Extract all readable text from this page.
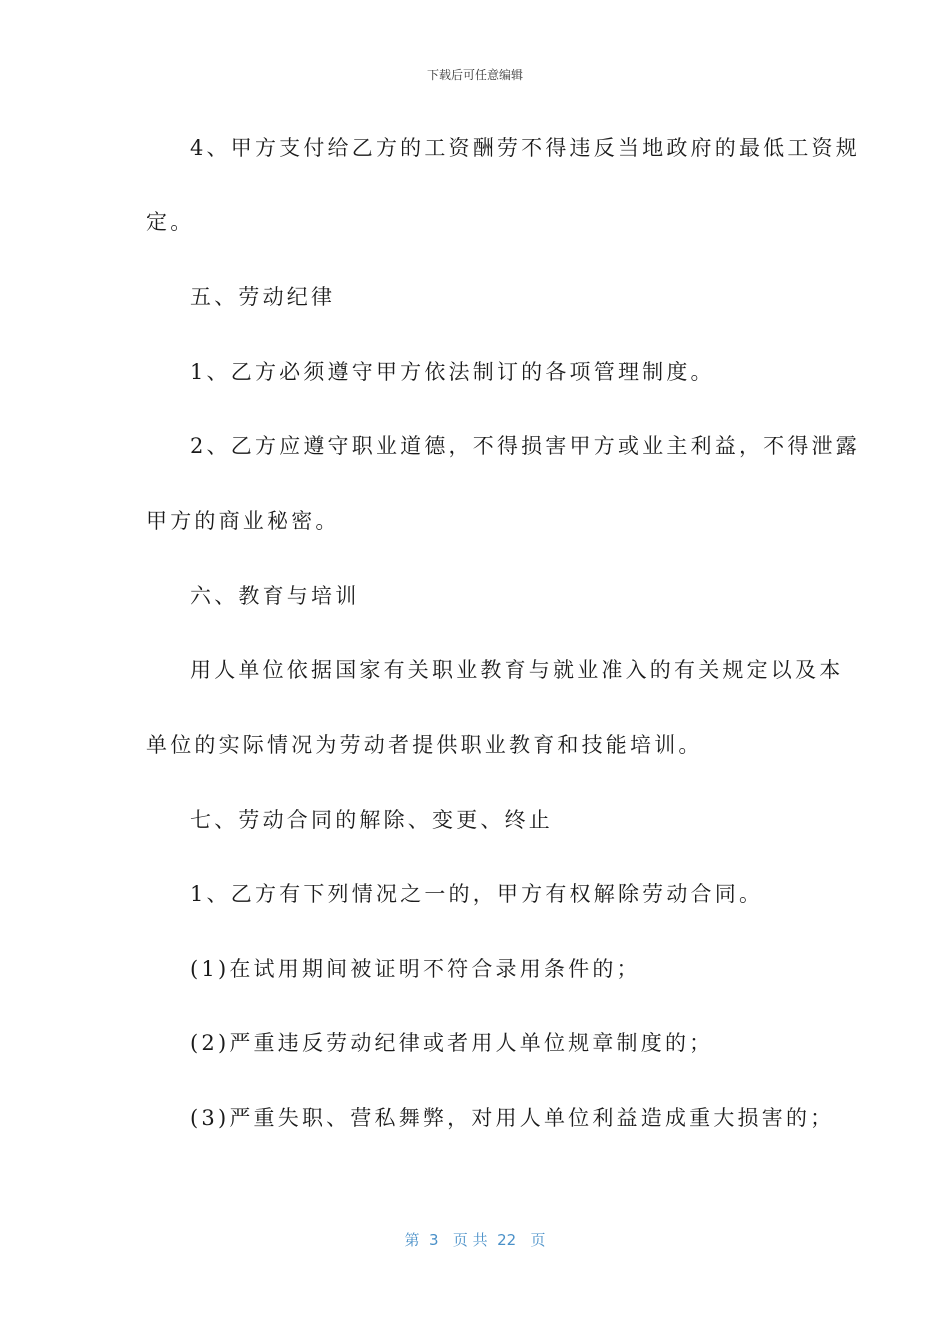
下载后可任意编辑
4、甲方支付给乙方的工资酬劳不得违反当地政府的最低工资规
定。
五、劳动纪律
1、乙方必须遵守甲方依法制订的各项管理制度。
2、乙方应遵守职业道德，不得损害甲方或业主利益，不得泄露
甲方的商业秘密。
六、教育与培训
用人单位依据国家有关职业教育与就业准入的有关规定以及本
单位的实际情况为劳动者提供职业教育和技能培训。
七、劳动合同的解除、变更、终止
1、乙方有下列情况之一的，甲方有权解除劳动合同。
(1)在试用期间被证明不符合录用条件的；
(2)严重违反劳动纪律或者用人单位规章制度的；
(3)严重失职、营私舞弊，对用人单位利益造成重大损害的；
第  3   页 共  22   页
